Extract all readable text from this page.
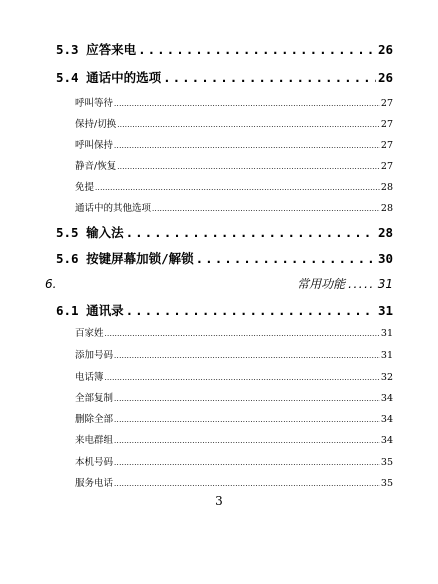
5.3 应答来电 .....	26
5.4 通话中的选项 .....	26
呼叫等待 .....	27
保持/切换 .....	27
呼叫保持 .....	27
静音/恢复 .....	27
免提 .....	28
通话中的其他选项 .....	28
5.5 输入法 .....	28
5.6 按键屏幕加锁/解锁 .....	30
6.	常用功能 .....	31
6.1 通讯录 .....	31
百家姓 .....	31
添加号码 .....	31
电话簿 .....	32
全部复制 .....	34
删除全部 .....	34
来电群组 .....	34
本机号码 .....	35
服务电话 .....	35
3
